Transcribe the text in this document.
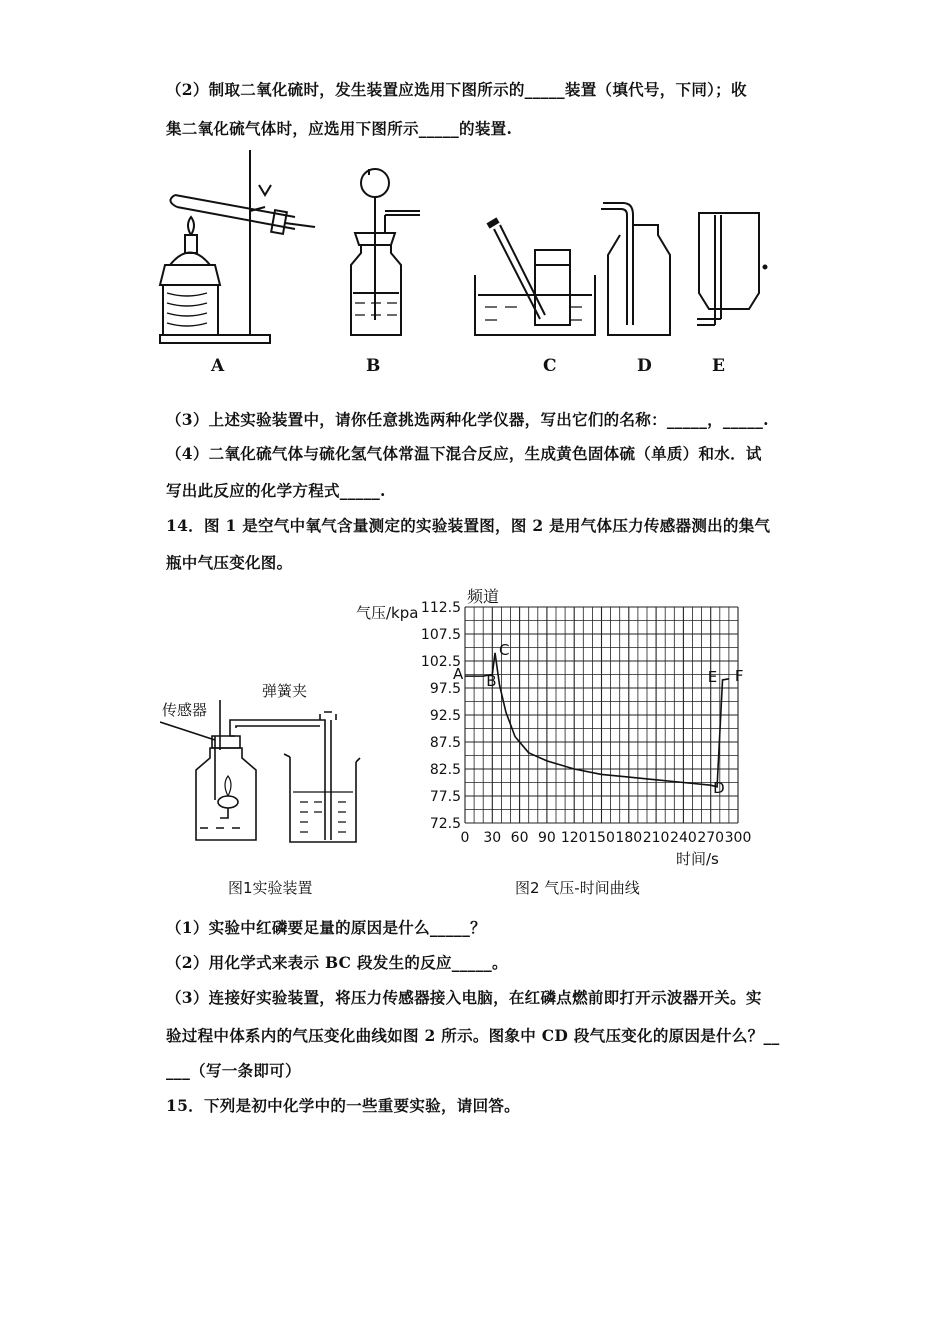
（2）制取二氧化硫时，发生装置应选用下图所示的_____装置（填代号，下同）；收
集二氧化硫气体时，应选用下图所示_____的装置.
A	B	C	D	E
（3）上述实验装置中，请你任意挑选两种化学仪器，写出它们的名称：_____，_____.
（4）二氧化硫气体与硫化氢气体常温下混合反应，生成黄色固体硫（单质）和水．试
写出此反应的化学方程式_____.
14．图 1 是空气中氧气含量测定的实验装置图，图 2 是用气体压力传感器测出的集气
瓶中气压变化图。
传感器
弹簧夹
图1实验装置
0 30 60 90 120 150 180 210 240 270 300
112.5
107.5
102.5
97.5
92.5
87.5
82.5
77.5
72.5
频道
气压/kpa
时间/s
A B
C
D
E F
图2 气压-时间曲线
（1）实验中红磷要足量的原因是什么_____？
（2）用化学式来表示 BC 段发生的反应_____。
（3）连接好实验装置，将压力传感器接入电脑，在红磷点燃前即打开示波器开关。实
验过程中体系内的气压变化曲线如图 2 所示。图象中 CD 段气压变化的原因是什么？__
___（写一条即可）
15．下列是初中化学中的一些重要实验，请回答。
